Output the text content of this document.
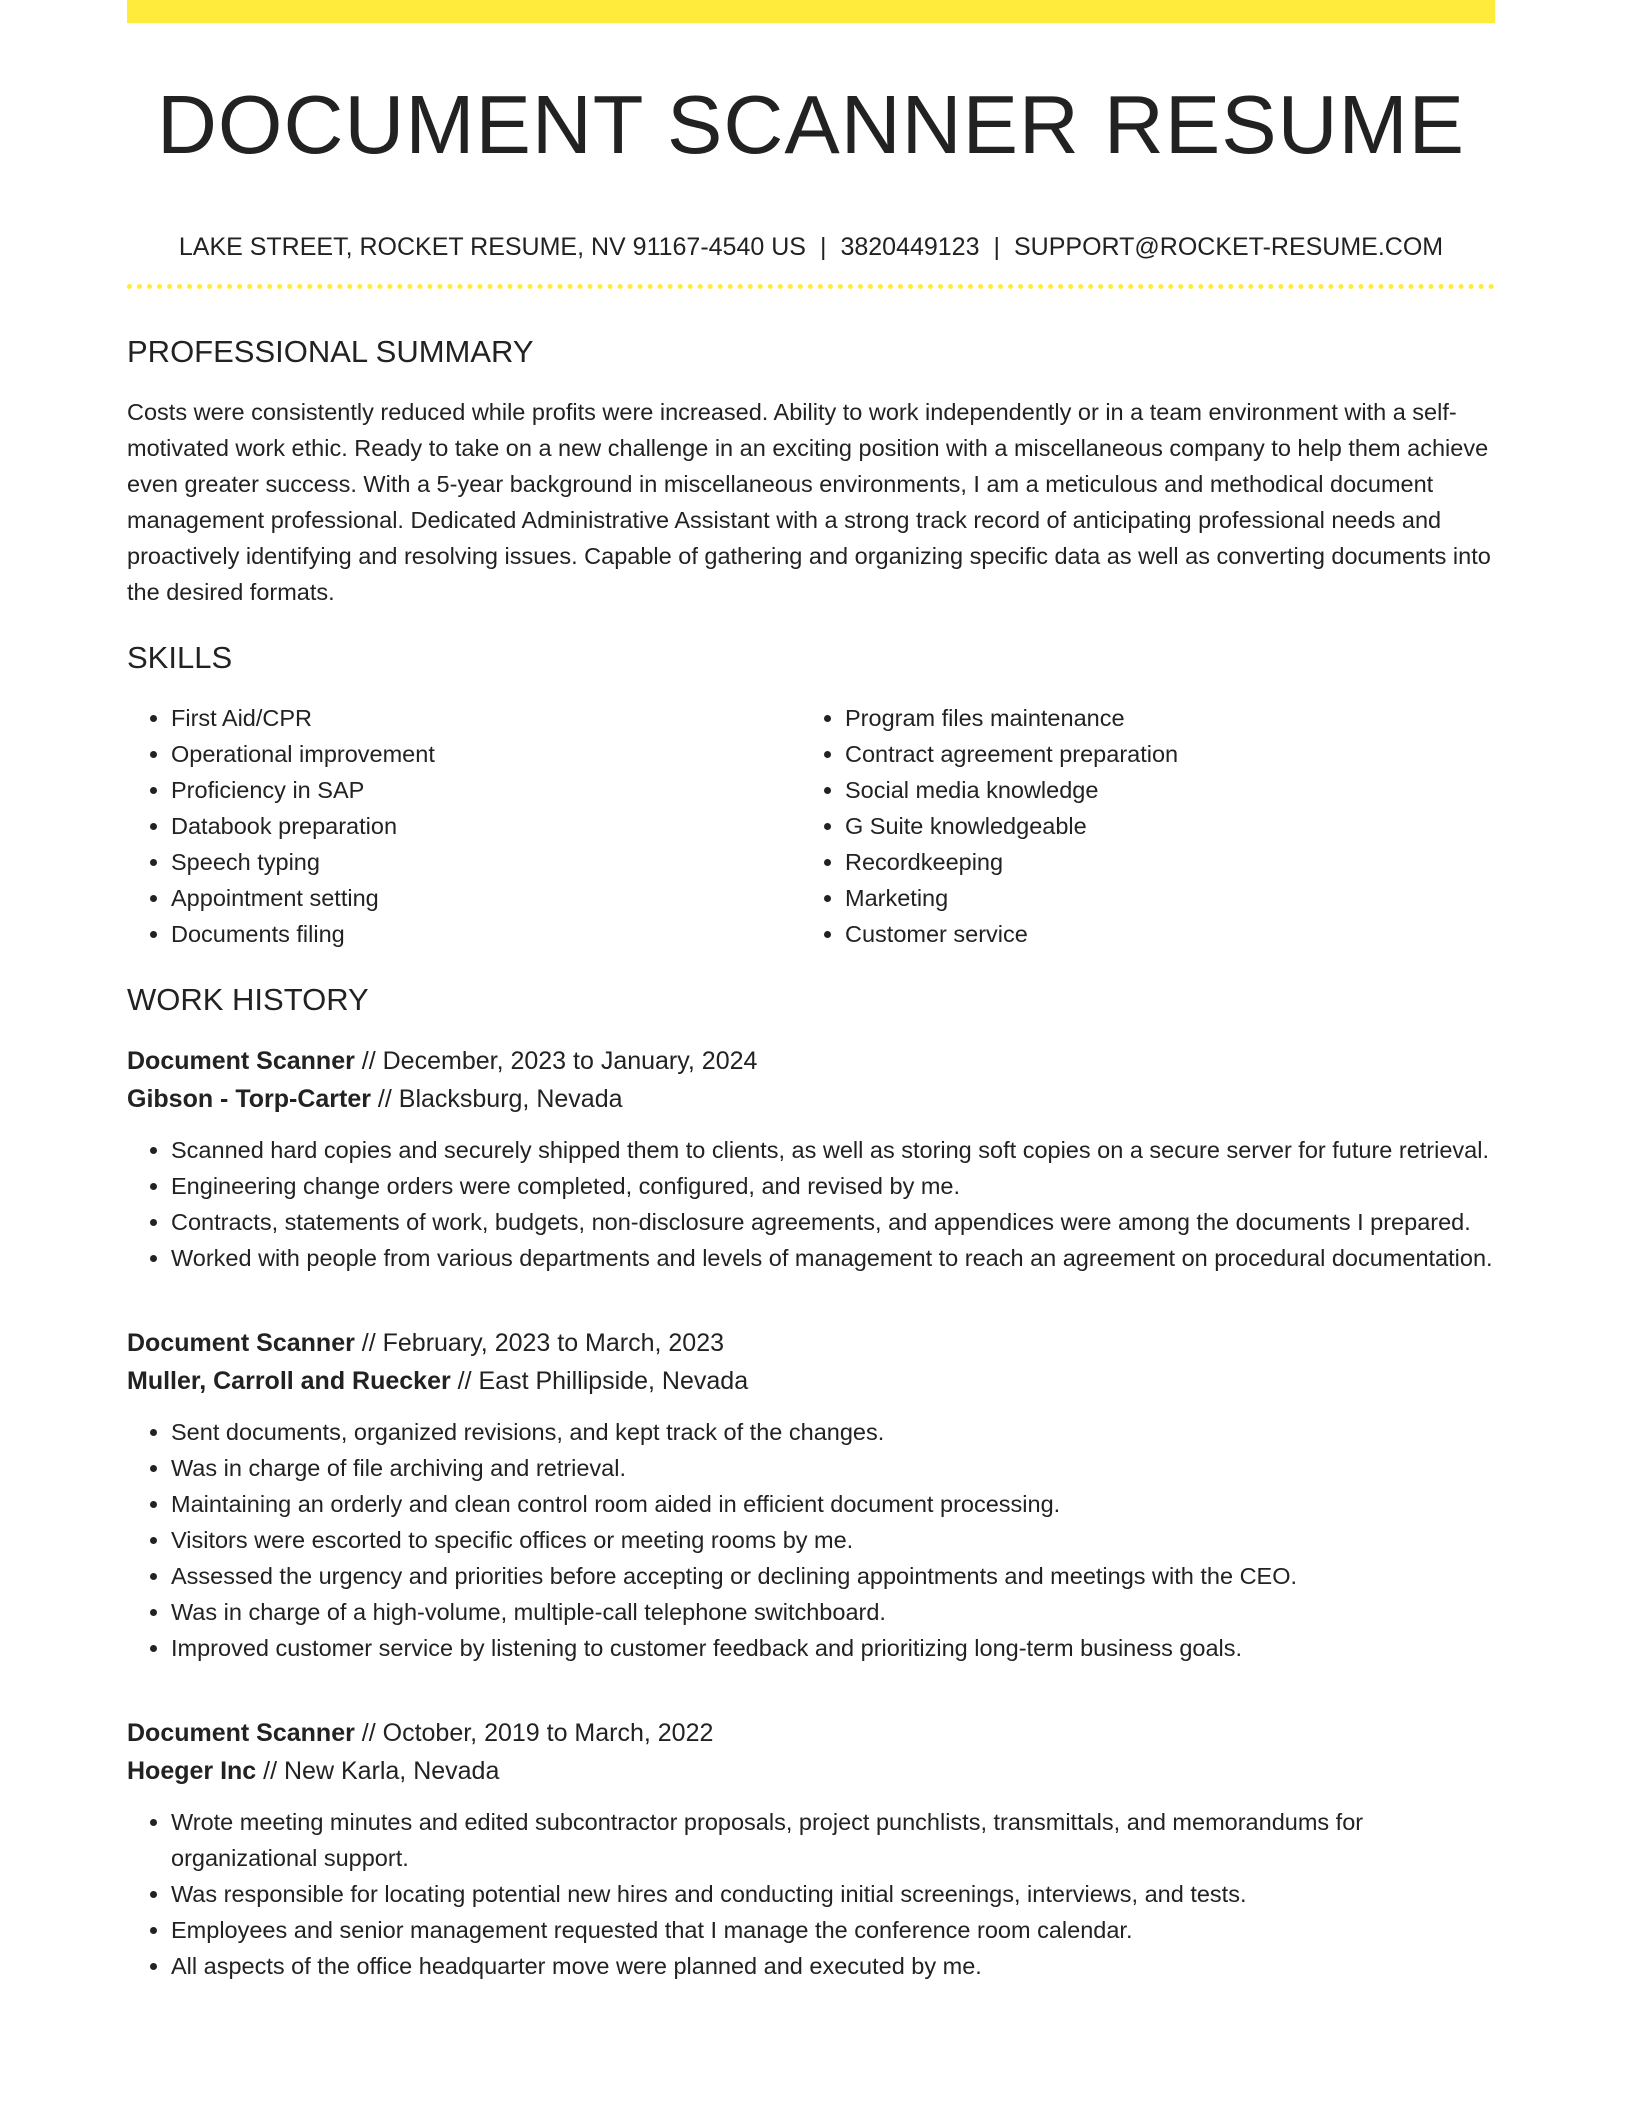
DOCUMENT SCANNER RESUME
LAKE STREET, ROCKET RESUME, NV 91167-4540 US | 3820449123 | SUPPORT@ROCKET-RESUME.COM
PROFESSIONAL SUMMARY

Costs were consistently reduced while profits were increased. Ability to work independently or in a team environment with a self-motivated work ethic. Ready to take on a new challenge in an exciting position with a miscellaneous company to help them achieve even greater success. With a 5-year background in miscellaneous environments, I am a meticulous and methodical document management professional. Dedicated Administrative Assistant with a strong track record of anticipating professional needs and proactively identifying and resolving issues. Capable of gathering and organizing specific data as well as converting documents into the desired formats.

SKILLS
• First Aid/CPR
• Operational improvement
• Proficiency in SAP
• Databook preparation
• Speech typing
• Appointment setting
• Documents filing
• Program files maintenance
• Contract agreement preparation
• Social media knowledge
• G Suite knowledgeable
• Recordkeeping
• Marketing
• Customer service
WORK HISTORY
Document Scanner // December, 2023 to January, 2024
Gibson - Torp-Carter // Blacksburg, Nevada
• Scanned hard copies and securely shipped them to clients, as well as storing soft copies on a secure server for future retrieval.
• Engineering change orders were completed, configured, and revised by me.
• Contracts, statements of work, budgets, non-disclosure agreements, and appendices were among the documents I prepared.
• Worked with people from various departments and levels of management to reach an agreement on procedural documentation.
Document Scanner // February, 2023 to March, 2023
Muller, Carroll and Ruecker // East Phillipside, Nevada
• Sent documents, organized revisions, and kept track of the changes.
• Was in charge of file archiving and retrieval.
• Maintaining an orderly and clean control room aided in efficient document processing.
• Visitors were escorted to specific offices or meeting rooms by me.
• Assessed the urgency and priorities before accepting or declining appointments and meetings with the CEO.
• Was in charge of a high-volume, multiple-call telephone switchboard.
• Improved customer service by listening to customer feedback and prioritizing long-term business goals.
Document Scanner // October, 2019 to March, 2022
Hoeger Inc // New Karla, Nevada
• Wrote meeting minutes and edited subcontractor proposals, project punchlists, transmittals, and memorandums for organizational support.
• Was responsible for locating potential new hires and conducting initial screenings, interviews, and tests.
• Employees and senior management requested that I manage the conference room calendar.
• All aspects of the office headquarter move were planned and executed by me.
